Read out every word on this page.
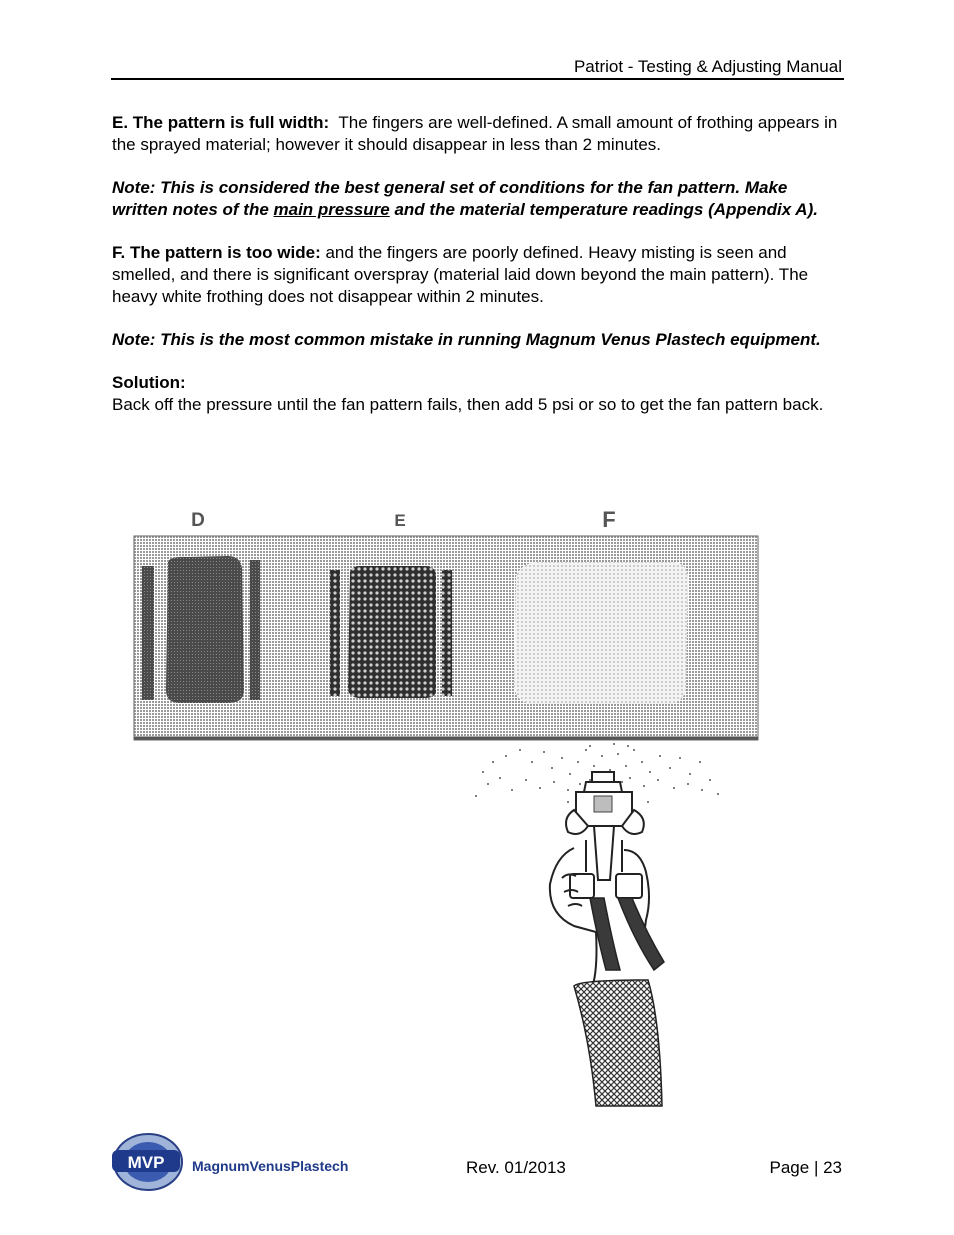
Patriot - Testing & Adjusting Manual

E. The pattern is full width: The fingers are well-defined. A small amount of frothing appears in the sprayed material; however it should disappear in less than 2 minutes.

Note: This is considered the best general set of conditions for the fan pattern. Make written notes of the main pressure and the material temperature readings (Appendix A).

F. The pattern is too wide: and the fingers are poorly defined. Heavy misting is seen and smelled, and there is significant overspray (material laid down beyond the main pattern). The heavy white frothing does not disappear within 2 minutes.

Note: This is the most common mistake in running Magnum Venus Plastech equipment.

Solution:

Back off the pressure until the fan pattern fails, then add 5 psi or so to get the fan pattern back.

D	E	F
MVP MagnumVenusPlastech	Rev. 01/2013	Page | 23
